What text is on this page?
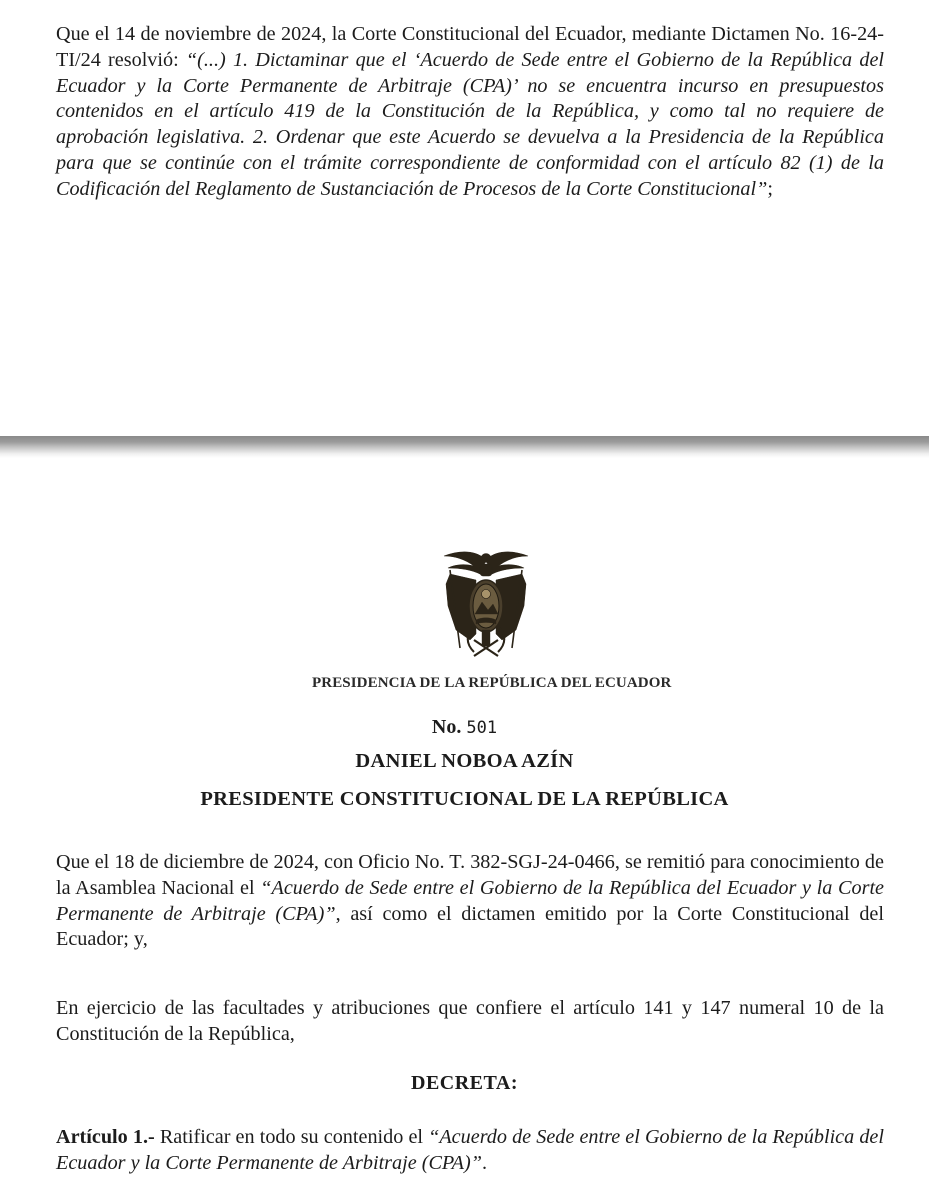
Que el 14 de noviembre de 2024, la Corte Constitucional del Ecuador, mediante Dictamen No. 16-24-TI/24 resolvió: “(...) 1. Dictaminar que el ‘Acuerdo de Sede entre el Gobierno de la República del Ecuador y la Corte Permanente de Arbitraje (CPA)’ no se encuentra incurso en presupuestos contenidos en el artículo 419 de la Constitución de la República, y como tal no requiere de aprobación legislativa. 2. Ordenar que este Acuerdo se devuelva a la Presidencia de la República para que se continúe con el trámite correspondiente de conformidad con el artículo 82 (1) de la Codificación del Reglamento de Sustanciación de Procesos de la Corte Constitucional”;

PRESIDENCIA DE LA REPÚBLICA DEL ECUADOR
No. 501
DANIEL NOBOA AZÍN
PRESIDENTE CONSTITUCIONAL DE LA REPÚBLICA

Que el 18 de diciembre de 2024, con Oficio No. T. 382-SGJ-24-0466, se remitió para conocimiento de la Asamblea Nacional el “Acuerdo de Sede entre el Gobierno de la República del Ecuador y la Corte Permanente de Arbitraje (CPA)”, así como el dictamen emitido por la Corte Constitucional del Ecuador; y,

En ejercicio de las facultades y atribuciones que confiere el artículo 141 y 147 numeral 10 de la Constitución de la República,

DECRETA:

Artículo 1.- Ratificar en todo su contenido el “Acuerdo de Sede entre el Gobierno de la República del Ecuador y la Corte Permanente de Arbitraje (CPA)”.
